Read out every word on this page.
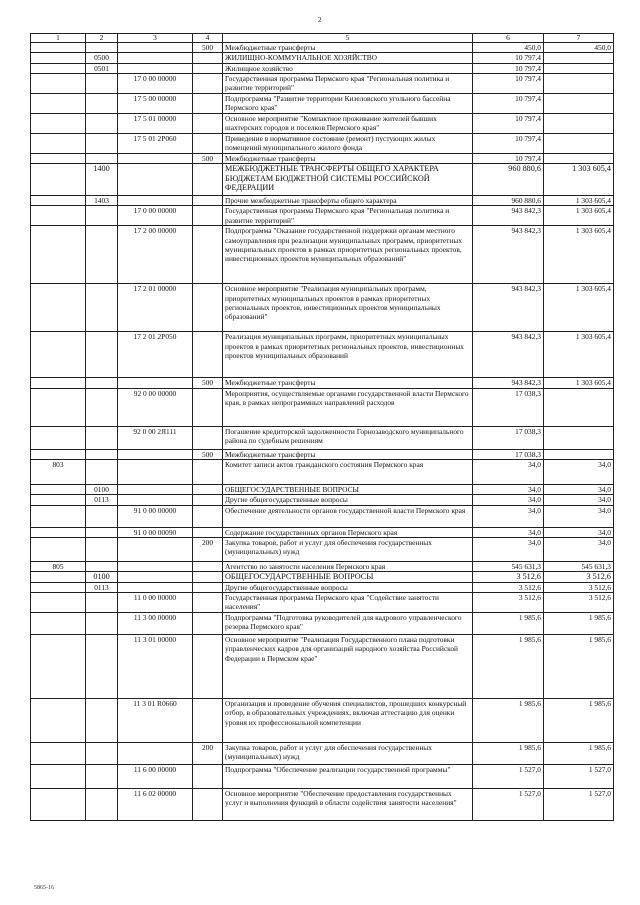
2
1	2	3	4	5	6	7
			500	Межбюджетные трансферты	450,0	450,0
	0500			ЖИЛИЩНО-КОММУНАЛЬНОЕ ХОЗЯЙСТВО	10 797,4	
	0501			Жилищное хозяйство	10 797,4	
		17 0 00 00000		Государственная программа Пермского края "Региональная политика и развитие территорий"	10 797,4	
		17 5 00 00000		Подпрограмма "Развитие территории Кизеловского угольного бассейна Пермского края"	10 797,4	
		17 5 01 00000		Основное мероприятие "Компактное проживание жителей бывших шахтерских городов и поселков Пермского края"	10 797,4	
		17 5 01 2Р060		Приведение в нормативное состояние (ремонт) пустующих жилых помещений муниципального жилого фонда	10 797,4	
			500	Межбюджетные трансферты	10 797,4	
	1400			МЕЖБЮДЖЕТНЫЕ ТРАНСФЕРТЫ ОБЩЕГО ХАРАКТЕРА БЮДЖЕТАМ БЮДЖЕТНОЙ СИСТЕМЫ РОССИЙСКОЙ ФЕДЕРАЦИИ	960 880,6	1 303 605,4
	1403			Прочие межбюджетные трансферты общего характера	960 880,6	1 303 605,4
		17 0 00 00000		Государственная программа Пермского края "Региональная политика и развитие территорий"	943 842,3	1 303 605,4
		17 2 00 00000		Подпрограмма "Оказание государственной поддержки органам местного самоуправления при реализации муниципальных программ, приоритетных муниципальных проектов в рамках приоритетных региональных проектов, инвестиционных проектов муниципальных образований"	943 842,3	1 303 605,4
		17 2 01 00000		Основное мероприятие "Реализация муниципальных программ, приоритетных муниципальных проектов в рамках приоритетных региональных проектов, инвестиционных проектов муниципальных образований"	943 842,3	1 303 605,4
		17 2 01 2Р050		Реализация муниципальных программ, приоритетных муниципальных проектов в рамках приоритетных региональных проектов, инвестиционных проектов муниципальных образований	943 842,3	1 303 605,4
			500	Межбюджетные трансферты	943 842,3	1 303 605,4
		92 0 00 00000		Мероприятия, осуществляемые органами государственной власти Пермского края, в рамках непрограммных направлений расходов	17 038,3	
		92 0 00 2Я111		Погашение кредиторской задолженности Горнозаводского муниципального района по судебным решениям	17 038,3	
			500	Межбюджетные трансферты	17 038,3	
803				Комитет записи актов гражданского состояния Пермского края	34,0	34,0
	0100			ОБЩЕГОСУДАРСТВЕННЫЕ ВОПРОСЫ	34,0	34,0
	0113			Другие общегосударственные вопросы	34,0	34,0
		91 0 00 00000		Обеспечение деятельности органов государственной власти Пермского края	34,0	34,0
		91 0 00 00090		Содержание государственных органов Пермского края	34,0	34,0
			200	Закупка товаров, работ и услуг для обеспечения государственных (муниципальных) нужд	34,0	34,0
805				Агентство по занятости населения Пермского края	545 631,3	545 631,3
	0100			ОБЩЕГОСУДАРСТВЕННЫЕ ВОПРОСЫ	3 512,6	3 512,6
	0113			Другие общегосударственные вопросы	3 512,6	3 512,6
		11 0 00 00000		Государственная программа Пермского края "Содействие занятости населения"	3 512,6	3 512,6
		11 3 00 00000		Подпрограмма "Подготовка руководителей для кадрового управленческого резерва Пермского края"	1 985,6	1 985,6
		11 3 01 00000		Основное мероприятие "Реализация Государственного плана подготовки управленческих кадров для организаций народного хозяйства Российской Федерации в Пермском крае"	1 985,6	1 985,6
		11 3 01 R0660		Организация и проведение обучения специалистов, прошедших конкурсный отбор, в образовательных учреждениях, включая аттестацию для оценки уровня их профессиональной компетенции	1 985,6	1 985,6
			200	Закупка товаров, работ и услуг для обеспечения государственных (муниципальных) нужд	1 985,6	1 985,6
		11 6 00 00000		Подпрограмма "Обеспечение реализации государственной программы"	1 527,0	1 527,0
		11 6 02 00000		Основное мероприятие "Обеспечение предоставления государственных услуг и выполнения функций в области содействия занятости населения"	1 527,0	1 527,0
5865-16
